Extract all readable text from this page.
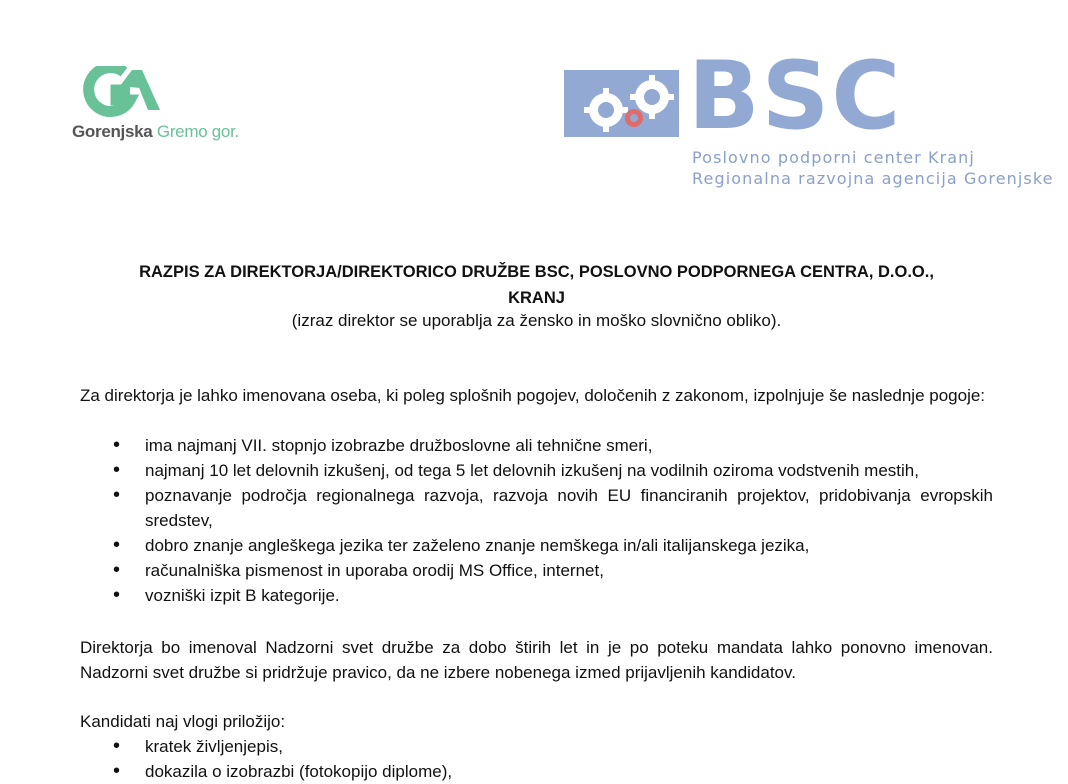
Gorenjska Gremo gor.	BSC
Poslovno podporni center Kranj
Regionalna razvojna agencija Gorenjske
RAZPIS ZA DIREKTORJA/DIREKTORICO DRUŽBE BSC, POSLOVNO PODPORNEGA CENTRA, D.O.O.,
KRANJ
(izraz direktor se uporablja za žensko in moško slovnično obliko).
Za direktorja je lahko imenovana oseba, ki poleg splošnih pogojev, določenih z zakonom, izpolnjuje še naslednje pogoje:
• ima najmanj VII. stopnjo izobrazbe družboslovne ali tehnične smeri,
• najmanj 10 let delovnih izkušenj, od tega 5 let delovnih izkušenj na vodilnih oziroma vodstvenih mestih,
• poznavanje področja regionalnega razvoja, razvoja novih EU financiranih projektov, pridobivanja evropskih sredstev,
• dobro znanje angleškega jezika ter zaželeno znanje nemškega in/ali italijanskega jezika,
• računalniška pismenost in uporaba orodij MS Office, internet,
• vozniški izpit B kategorije.
Direktorja bo imenoval Nadzorni svet družbe za dobo štirih let in je po poteku mandata lahko ponovno imenovan. Nadzorni svet družbe si pridržuje pravico, da ne izbere nobenega izmed prijavljenih kandidatov.
Kandidati naj vlogi priložijo:
• kratek življenjepis,
• dokazila o izobrazbi (fotokopijo diplome),
